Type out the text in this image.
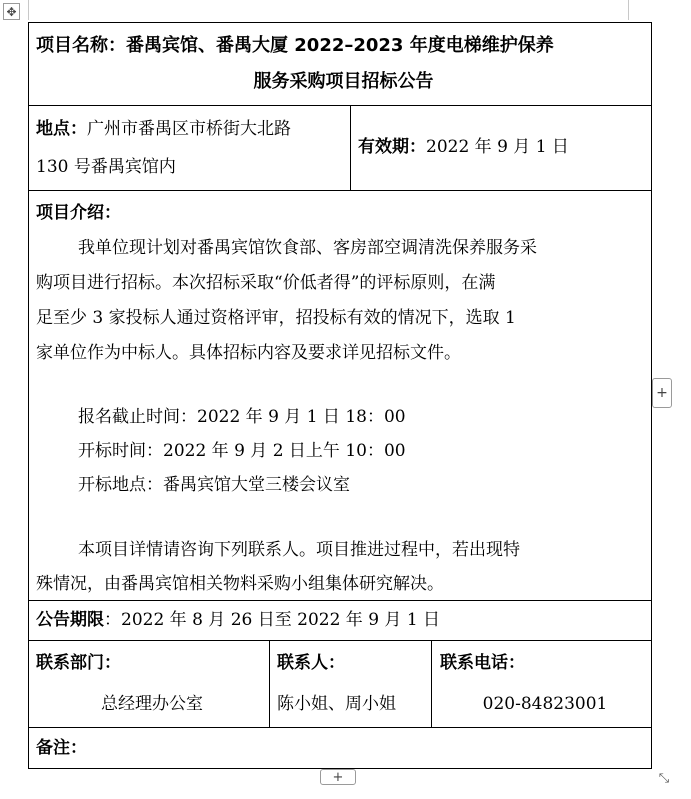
✥
项目名称：番禺宾馆、番禺大厦 2022–2023 年度电梯维护保养
服务采购项目招标公告
地点：广州市番禺区市桥街大北路
130 号番禺宾馆内
有效期：2022 年 9 月 1 日
项目介绍：
我单位现计划对番禺宾馆饮食部、客房部空调清洗保养服务采
购项目进行招标。本次招标采取“价低者得”的评标原则，在满
足至少 3 家投标人通过资格评审，招投标有效的情况下，选取 1
家单位作为中标人。具体招标内容及要求详见招标文件。
报名截止时间：2022 年 9 月 1 日 18：00
开标时间：2022 年 9 月 2 日上午 10：00
开标地点：番禺宾馆大堂三楼会议室
本项目详情请咨询下列联系人。项目推进过程中，若出现特
殊情况，由番禺宾馆相关物料采购小组集体研究解决。
公告期限：2022 年 8 月 26 日至 2022 年 9 月 1 日
联系部门：
总经理办公室
联系人：
陈小姐、周小姐
联系电话：
020-84823001
备注：
+
+	⤡
